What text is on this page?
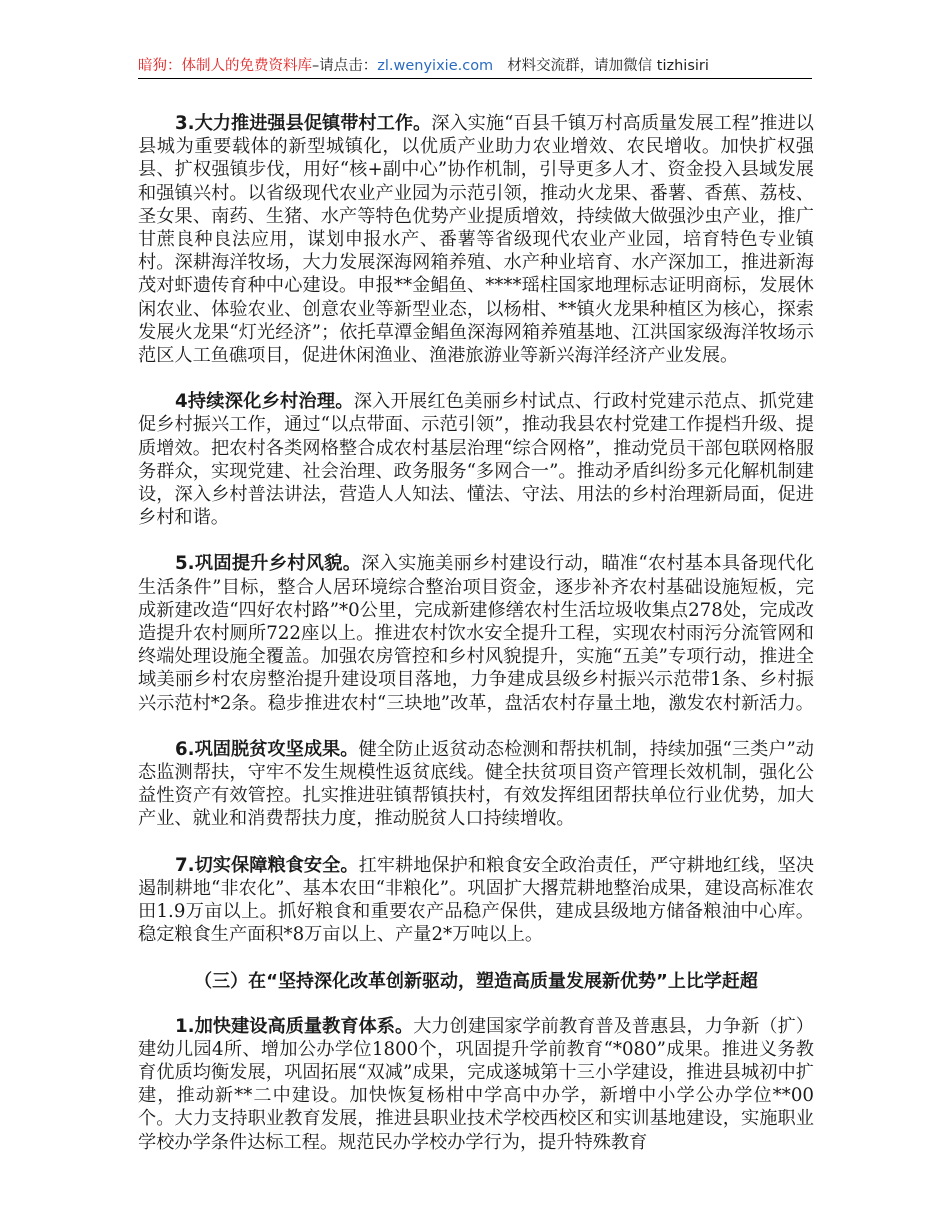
暗狗：体制人的免费资料库–请点击：zl.wenyixie.com 材料交流群，请加微信 tizhisiri

3.大力推进强县促镇带村工作。深入实施“百县千镇万村高质量发展工程”推进以县城为重要载体的新型城镇化，以优质产业助力农业增效、农民增收。加快扩权强县、扩权强镇步伐，用好“核+副中心”协作机制，引导更多人才、资金投入县域发展和强镇兴村。以省级现代农业产业园为示范引领，推动火龙果、番薯、香蕉、荔枝、圣女果、南药、生猪、水产等特色优势产业提质增效，持续做大做强沙虫产业，推广甘蔗良种良法应用，谋划申报水产、番薯等省级现代农业产业园，培育特色专业镇村。深耕海洋牧场，大力发展深海网箱养殖、水产种业培育、水产深加工，推进新海茂对虾遗传育种中心建设。申报**金鲳鱼、****瑶柱国家地理标志证明商标，发展休闲农业、体验农业、创意农业等新型业态，以杨柑、**镇火龙果种植区为核心，探索发展火龙果“灯光经济”；依托草潭金鲳鱼深海网箱养殖基地、江洪国家级海洋牧场示范区人工鱼礁项目，促进休闲渔业、渔港旅游业等新兴海洋经济产业发展。

4持续深化乡村治理。深入开展红色美丽乡村试点、行政村党建示范点、抓党建促乡村振兴工作，通过“以点带面、示范引领”，推动我县农村党建工作提档升级、提质增效。把农村各类网格整合成农村基层治理“综合网格”，推动党员干部包联网格服务群众，实现党建、社会治理、政务服务“多网合一”。推动矛盾纠纷多元化解机制建设，深入乡村普法讲法，营造人人知法、懂法、守法、用法的乡村治理新局面，促进乡村和谐。

5.巩固提升乡村风貌。深入实施美丽乡村建设行动，瞄准“农村基本具备现代化生活条件”目标，整合人居环境综合整治项目资金，逐步补齐农村基础设施短板，完成新建改造“四好农村路”*0公里，完成新建修缮农村生活垃圾收集点278处，完成改造提升农村厕所722座以上。推进农村饮水安全提升工程，实现农村雨污分流管网和终端处理设施全覆盖。加强农房管控和乡村风貌提升，实施“五美”专项行动，推进全域美丽乡村农房整治提升建设项目落地，力争建成县级乡村振兴示范带1条、乡村振兴示范村*2条。稳步推进农村“三块地”改革，盘活农村存量土地，激发农村新活力。

6.巩固脱贫攻坚成果。健全防止返贫动态检测和帮扶机制，持续加强“三类户”动态监测帮扶，守牢不发生规模性返贫底线。健全扶贫项目资产管理长效机制，强化公益性资产有效管控。扎实推进驻镇帮镇扶村，有效发挥组团帮扶单位行业优势，加大产业、就业和消费帮扶力度，推动脱贫人口持续增收。

7.切实保障粮食安全。扛牢耕地保护和粮食安全政治责任，严守耕地红线，坚决遏制耕地“非农化”、基本农田“非粮化”。巩固扩大撂荒耕地整治成果，建设高标准农田1.9万亩以上。抓好粮食和重要农产品稳产保供，建成县级地方储备粮油中心库。稳定粮食生产面积*8万亩以上、产量2*万吨以上。

（三）在“坚持深化改革创新驱动，塑造高质量发展新优势”上比学赶超

1.加快建设高质量教育体系。大力创建国家学前教育普及普惠县，力争新（扩）建幼儿园4所、增加公办学位1800个，巩固提升学前教育“*080”成果。推进义务教育优质均衡发展，巩固拓展“双减”成果，完成遂城第十三小学建设，推进县城初中扩建，推动新**二中建设。加快恢复杨柑中学高中办学，新增中小学公办学位**00个。大力支持职业教育发展，推进县职业技术学校西校区和实训基地建设，实施职业学校办学条件达标工程。规范民办学校办学行为，提升特殊教育
